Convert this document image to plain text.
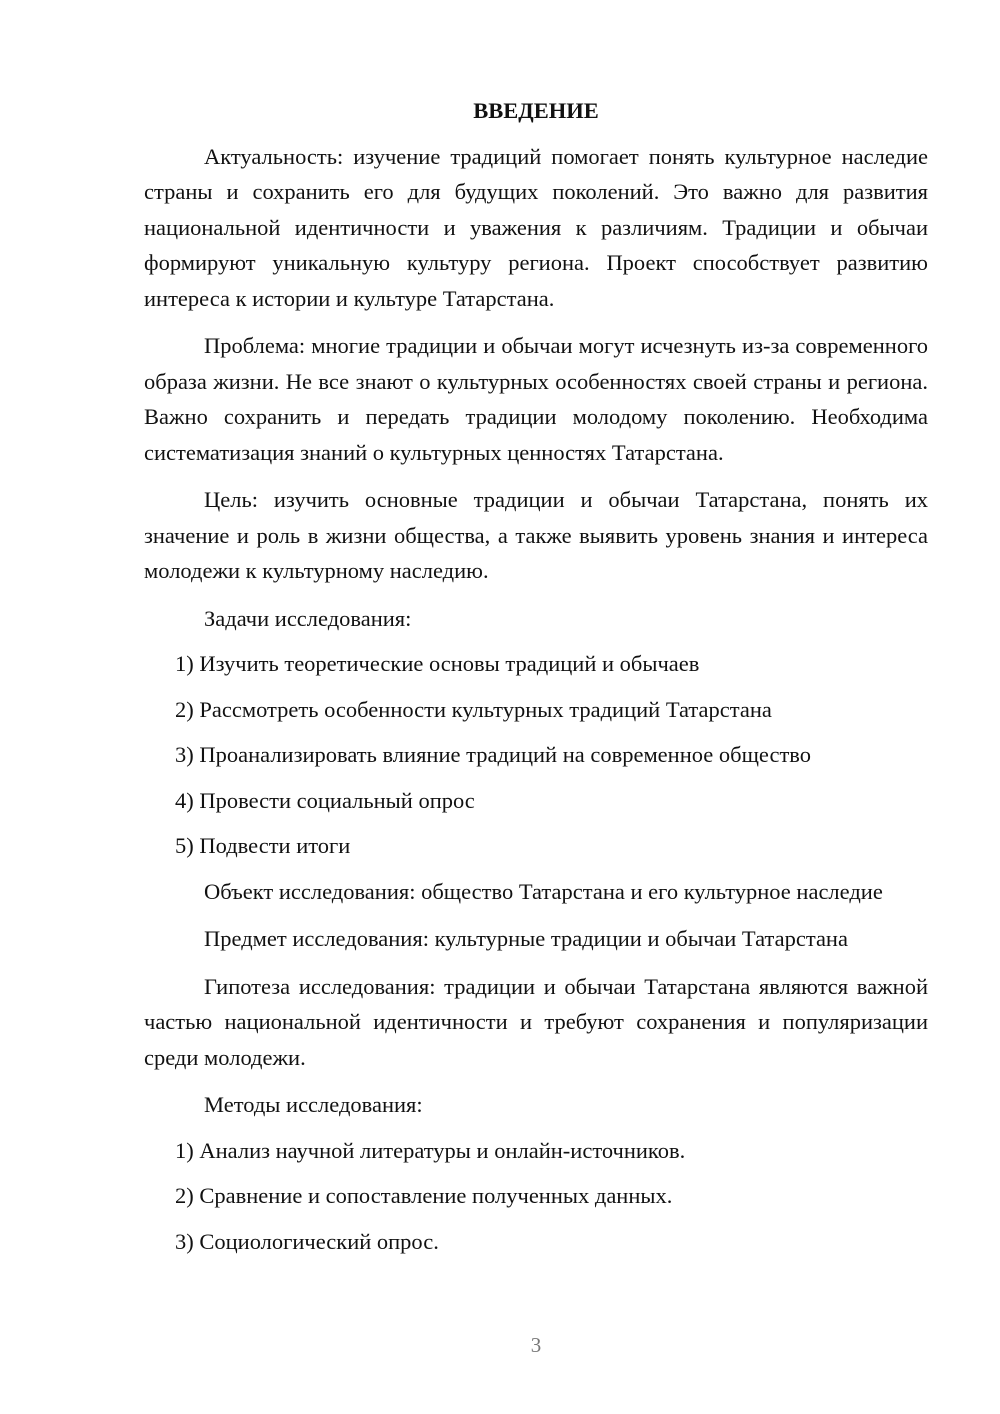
ВВЕДЕНИЕ

Актуальность: изучение традиций помогает понять культурное наследие страны и сохранить его для будущих поколений. Это важно для развития национальной идентичности и уважения к различиям. Традиции и обычаи формируют уникальную культуру региона. Проект способствует развитию интереса к истории и культуре Татарстана.

Проблема: многие традиции и обычаи могут исчезнуть из-за современного образа жизни. Не все знают о культурных особенностях своей страны и региона. Важно сохранить и передать традиции молодому поколению. Необходима систематизация знаний о культурных ценностях Татарстана.

Цель: изучить основные традиции и обычаи Татарстана, понять их значение и роль в жизни общества, а также выявить уровень знания и интереса молодежи к культурному наследию.

Задачи исследования:

1) Изучить теоретические основы традиций и обычаев
2) Рассмотреть особенности культурных традиций Татарстана
3) Проанализировать влияние традиций на современное общество
4) Провести социальный опрос
5) Подвести итоги

Объект исследования: общество Татарстана и его культурное наследие

Предмет исследования: культурные традиции и обычаи Татарстана

Гипотеза исследования: традиции и обычаи Татарстана являются важной частью национальной идентичности и требуют сохранения и популяризации среди молодежи.

Методы исследования:

1) Анализ научной литературы и онлайн-источников.
2) Сравнение и сопоставление полученных данных.
3) Социологический опрос.
3
